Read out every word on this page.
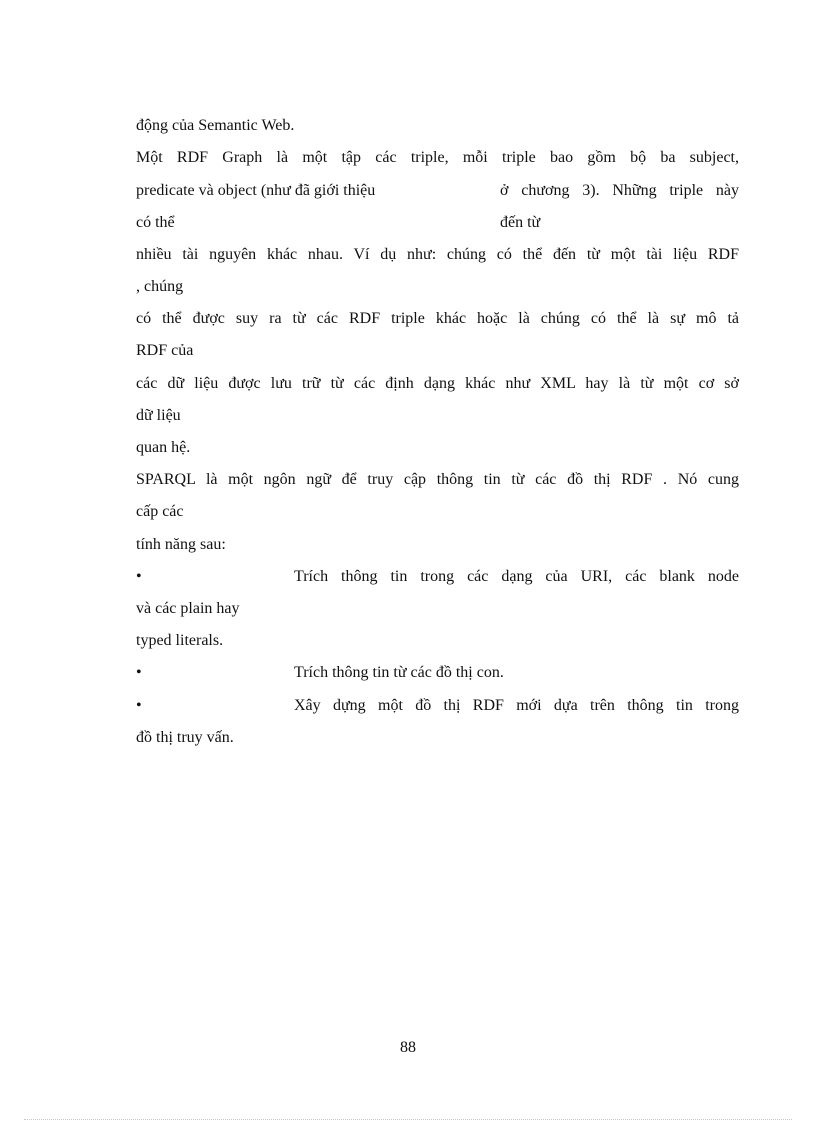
động của Semantic Web.
Một RDF Graph là một tập các triple, mỗi triple bao gồm bộ ba subject,
predicate và object (như đã giới thiệu	ở chương 3). Những triple này
có thể	đến từ
nhiều tài nguyên khác nhau. Ví dụ như: chúng có thể đến từ một tài liệu RDF
, chúng
có thể được suy ra từ các RDF triple khác hoặc là chúng có thể là sự mô tả
RDF của
các dữ liệu được lưu trữ từ các định dạng khác như XML hay là từ một cơ sở
dữ liệu
quan hệ.
SPARQL là một ngôn ngữ để truy cập thông tin từ các đồ thị RDF . Nó cung
cấp các
tính năng sau:
•	Trích thông tin trong các dạng của URI, các blank node
và các plain hay
typed literals.
•	Trích thông tin từ các đồ thị con.
•	Xây dựng một đồ thị RDF mới dựa trên thông tin trong
đồ thị truy vấn.
88
